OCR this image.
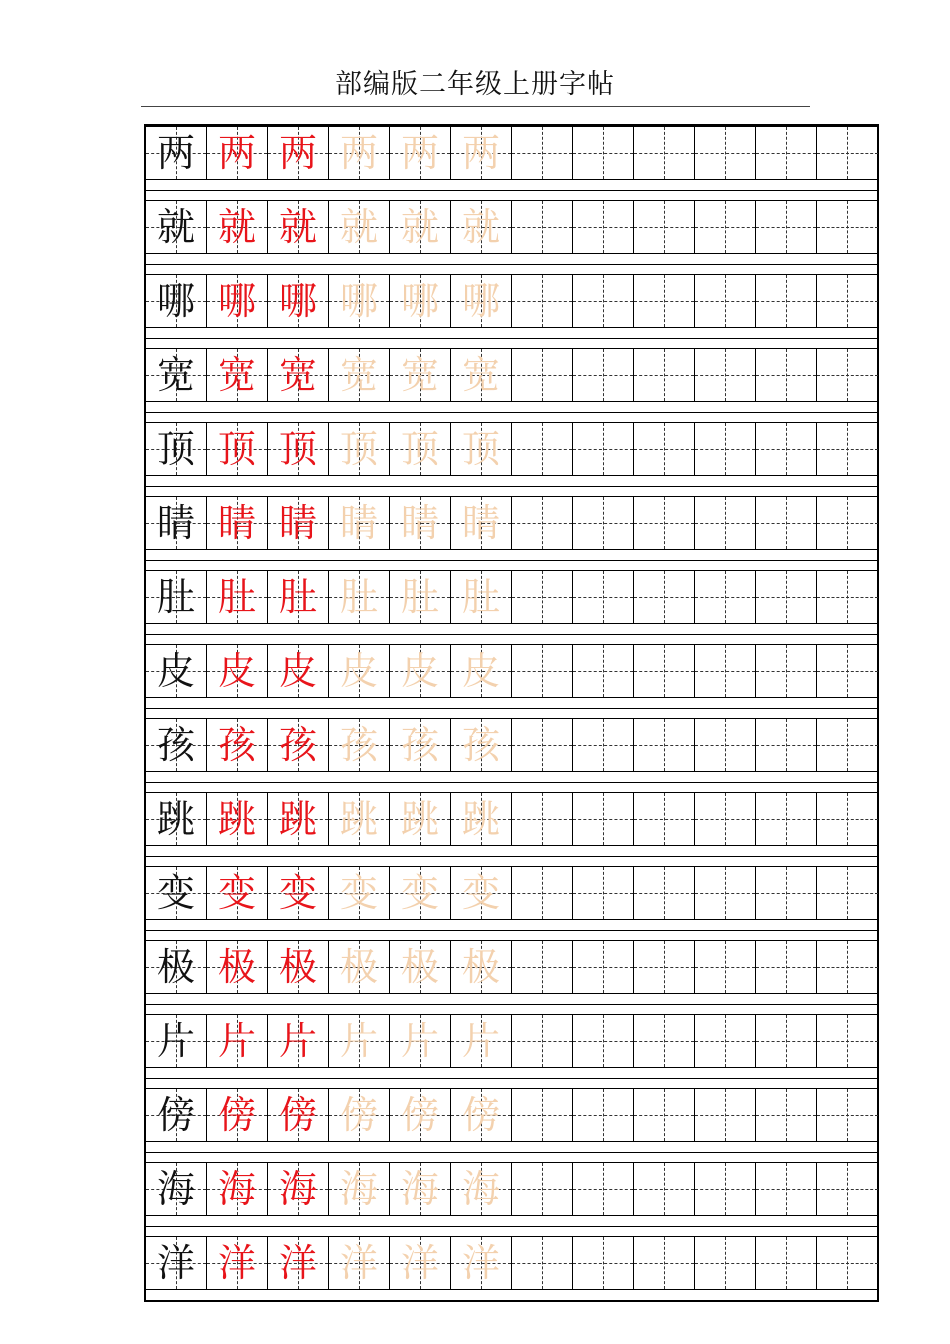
部编版二年级上册字帖
两 两 两 两 两 两
就 就 就 就 就 就
哪 哪 哪 哪 哪 哪
宽 宽 宽 宽 宽 宽
顶 顶 顶 顶 顶 顶
睛 睛 睛 睛 睛 睛
肚 肚 肚 肚 肚 肚
皮 皮 皮 皮 皮 皮
孩 孩 孩 孩 孩 孩
跳 跳 跳 跳 跳 跳
变 变 变 变 变 变
极 极 极 极 极 极
片 片 片 片 片 片
傍 傍 傍 傍 傍 傍
海 海 海 海 海 海
洋 洋 洋 洋 洋 洋
